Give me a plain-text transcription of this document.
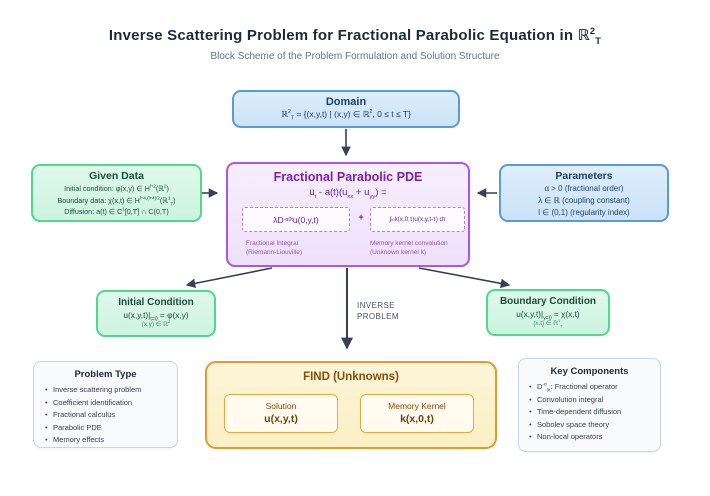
Inverse Scattering Problem for Fractional Parabolic Equation in ℝ$^2_T$
Block Scheme of the Problem Formulation and Solution Structure
Domain
ℝ$^2_T$ = {(x,y,t) | (x,y) ∈ ℝ$^2$, 0 ≤ t ≤ T}
Given Data
Initial condition: φ(x,y) ∈ $H^{l+2}(ℝ^2)$
Boundary data: χ(x,t) ∈ $H^{l+4,(l+4)/2}(ℝ^1_T)$
Diffusion: a(t) ∈ $C^1[0,T]$ ∩ C(0,T)
Fractional Parabolic PDE
$u_t - a(t)(u_{xx} + u_{yy})$ =
λD -α 0t u(0,y,t)	+	∫ t 0 k(x,0;τ)u(x,y,t-τ) dτ
Fractional Integral
(Riemann-Liouville)
Memory kernel convolution
(Unknown kernel k)
Parameters
α > 0 (fractional order)
λ ∈ ℝ (coupling constant)
l ∈ (0,1) (regularity index)
Initial Condition
$u(x,y,t)|_{t=0} = \varphi(x,y)$
(x,y) ∈ ℝ$^2$
INVERSE
PROBLEM
Boundary Condition
$u(x,y,t)|_{y=0} = \chi(x,t)$
(x,t) ∈ ℝ$^1_T$
Problem Type
• Inverse scattering problem
• Coefficient identification
• Fractional calculus
• Parabolic PDE
• Memory effects
FIND (Unknowns)
Solution
u(x,y,t)
Memory Kernel
k(x,0,t)
Key Components
• $D^{-\alpha}_{0t}$: Fractional operator
• Convolution integral
• Time-dependent diffusion
• Sobolev space theory
• Non-local operators
